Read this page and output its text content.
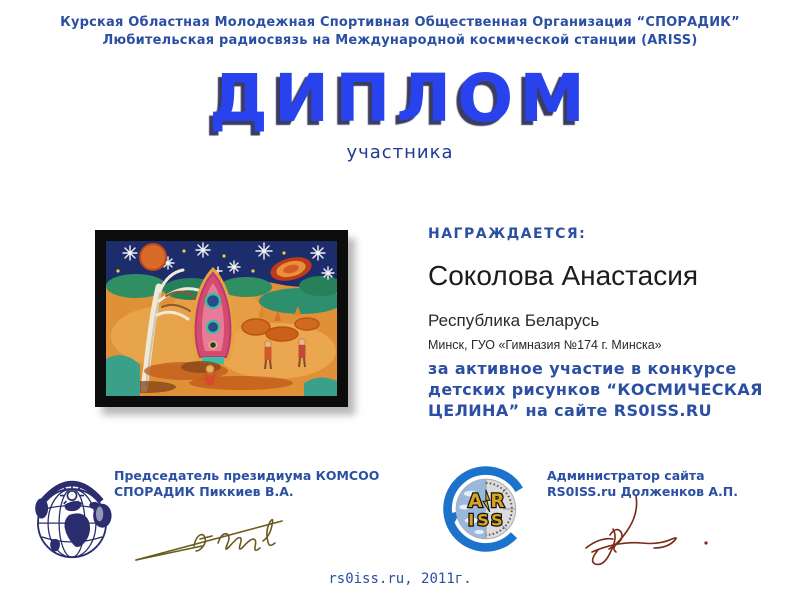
Курская Областная Молодежная Спортивная Общественная Организация “СПОРАДИК”
Любительская радиосвязь на Международной космической станции (ARISS)
ДИПЛОМ
участника
НАГРАЖДАЕТСЯ:
Соколова Анастасия
Республика Беларусь
Минск, ГУО «Гимназия №174 г. Минска»
за активное участие в конкурсе
детских рисунков “КОСМИЧЕСКАЯ
ЦЕЛИНА” на сайте RS0ISS.RU
Председатель президиума КОМСОО
СПОРАДИК Пиккиев В.А.	A R
ISS
Администратор сайта
RS0ISS.ru Долженков А.П.
rs0iss.ru, 2011г.
